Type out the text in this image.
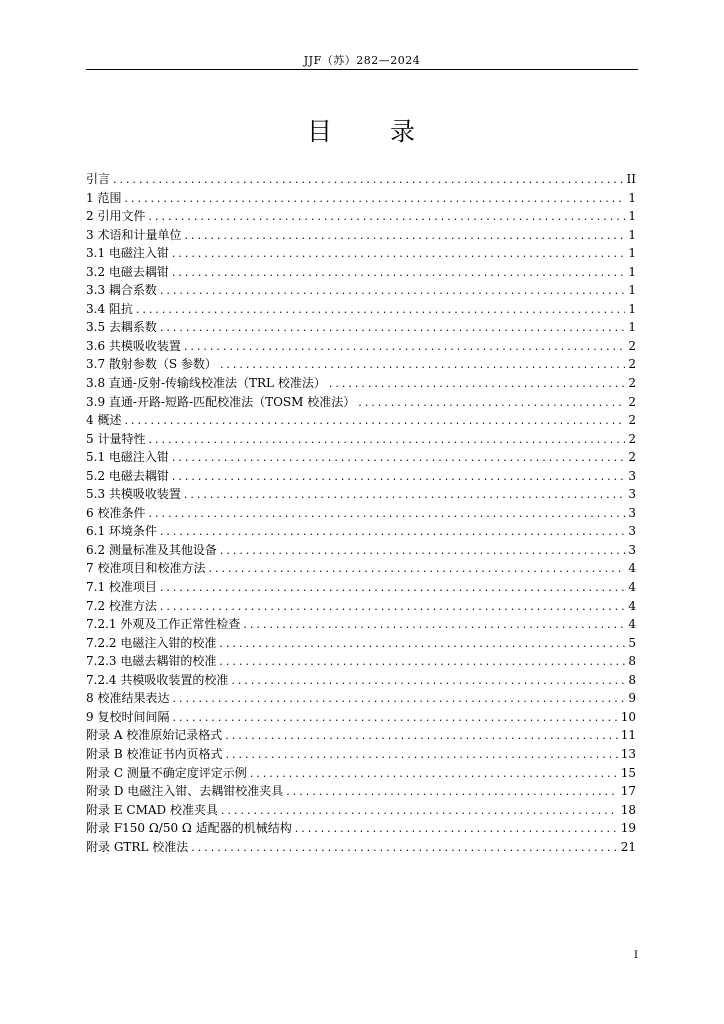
JJF（苏）282—2024
目 录
引言 .....	II
1 范围 .....	1
2 引用文件 .....	1
3 术语和计量单位 .....	1
3.1 电磁注入钳 .....	1
3.2 电磁去耦钳 .....	1
3.3 耦合系数 .....	1
3.4 阻抗 .....	1
3.5 去耦系数 .....	1
3.6 共模吸收装置 .....	2
3.7 散射参数（S 参数） .....	2
3.8 直通-反射-传输线校准法（TRL 校准法） .....	2
3.9 直通-开路-短路-匹配校准法（TOSM 校准法） .....	2
4 概述 .....	2
5 计量特性 .....	2
5.1 电磁注入钳 .....	2
5.2 电磁去耦钳 .....	3
5.3 共模吸收装置 .....	3
6 校准条件 .....	3
6.1 环境条件 .....	3
6.2 测量标准及其他设备 .....	3
7 校准项目和校准方法 .....	4
7.1 校准项目 .....	4
7.2 校准方法 .....	4
7.2.1 外观及工作正常性检查 .....	4
7.2.2 电磁注入钳的校准 .....	5
7.2.3 电磁去耦钳的校准 .....	8
7.2.4 共模吸收装置的校准 .....	8
8 校准结果表达 .....	9
9 复校时间间隔 .....	10
附录 A 校准原始记录格式 .....	11
附录 B 校准证书内页格式 .....	13
附录 C 测量不确定度评定示例 .....	15
附录 D 电磁注入钳、去耦钳校准夹具 .....	17
附录 E CMAD 校准夹具 .....	18
附录 F150 Ω/50 Ω 适配器的机械结构 .....	19
附录 GTRL 校准法 .....	21
I
